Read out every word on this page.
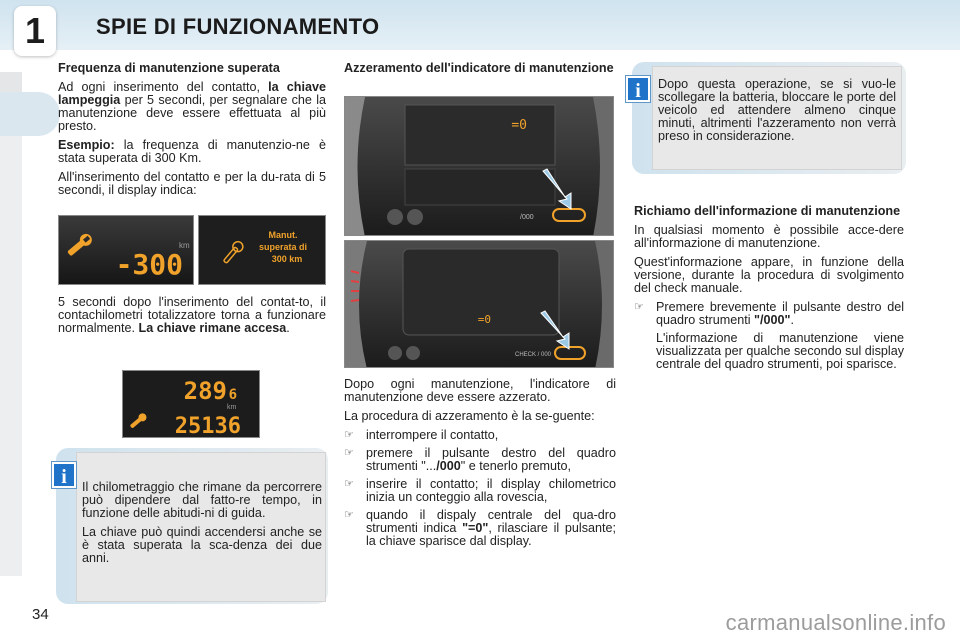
1	SPIE DI FUNZIONAMENTO
Frequenza di manutenzione superata

Ad ogni inserimento del contatto, la chiave lampeggia per 5 secondi, per segnalare che la manutenzione deve essere effettuata al più presto.

Esempio: la frequenza di manutenzio-ne è stata superata di 300 Km.

All'inserimento del contatto e per la du-rata di 5 secondi, il display indica:

km
-300
Manut.
superata di
300 km

5 secondi dopo l'inserimento del contat-to, il contachilometri totalizzatore torna a funzionare normalmente. La chiave rimane accesa.

289 6
km
25136
i	Il chilometraggio che rimane da percorrere può dipendere dal fatto-re tempo, in funzione delle abitudi-ni di guida.

La chiave può quindi accendersi anche se è stata superata la sca-denza dei due anni.

Azzeramento dell'indicatore di manutenzione
=0
/000
=0
CHECK / 000

Dopo ogni manutenzione, l'indicatore di manutenzione deve essere azzerato.

La procedura di azzeramento è la se-guente:

☞ interrompere il contatto,
☞ premere il pulsante destro del quadro strumenti ".../000" e tenerlo premuto,
☞ inserire il contatto; il display chilometrico inizia un conteggio alla rovescia,
☞ quando il dispaly centrale del qua-dro strumenti indica "=0", rilasciare il pulsante; la chiave sparisce dal display.
i	Dopo questa operazione, se si vuo-le scollegare la batteria, bloccare le porte del veicolo ed attendere almeno cinque minuti, altrimenti l'azzeramento non verrà preso in considerazione.

Richiamo dell'informazione di manutenzione

In qualsiasi momento è possibile acce-dere all'informazione di manutenzione.

Quest'informazione appare, in funzione della versione, durante la procedura di svolgimento del check manuale.

☞ Premere brevemente il pulsante destro del quadro strumenti "/000".

L'informazione di manutenzione viene visualizzata per qualche secondo sul display centrale del quadro strumenti, poi sparisce.

34	carmanualsonline.info
